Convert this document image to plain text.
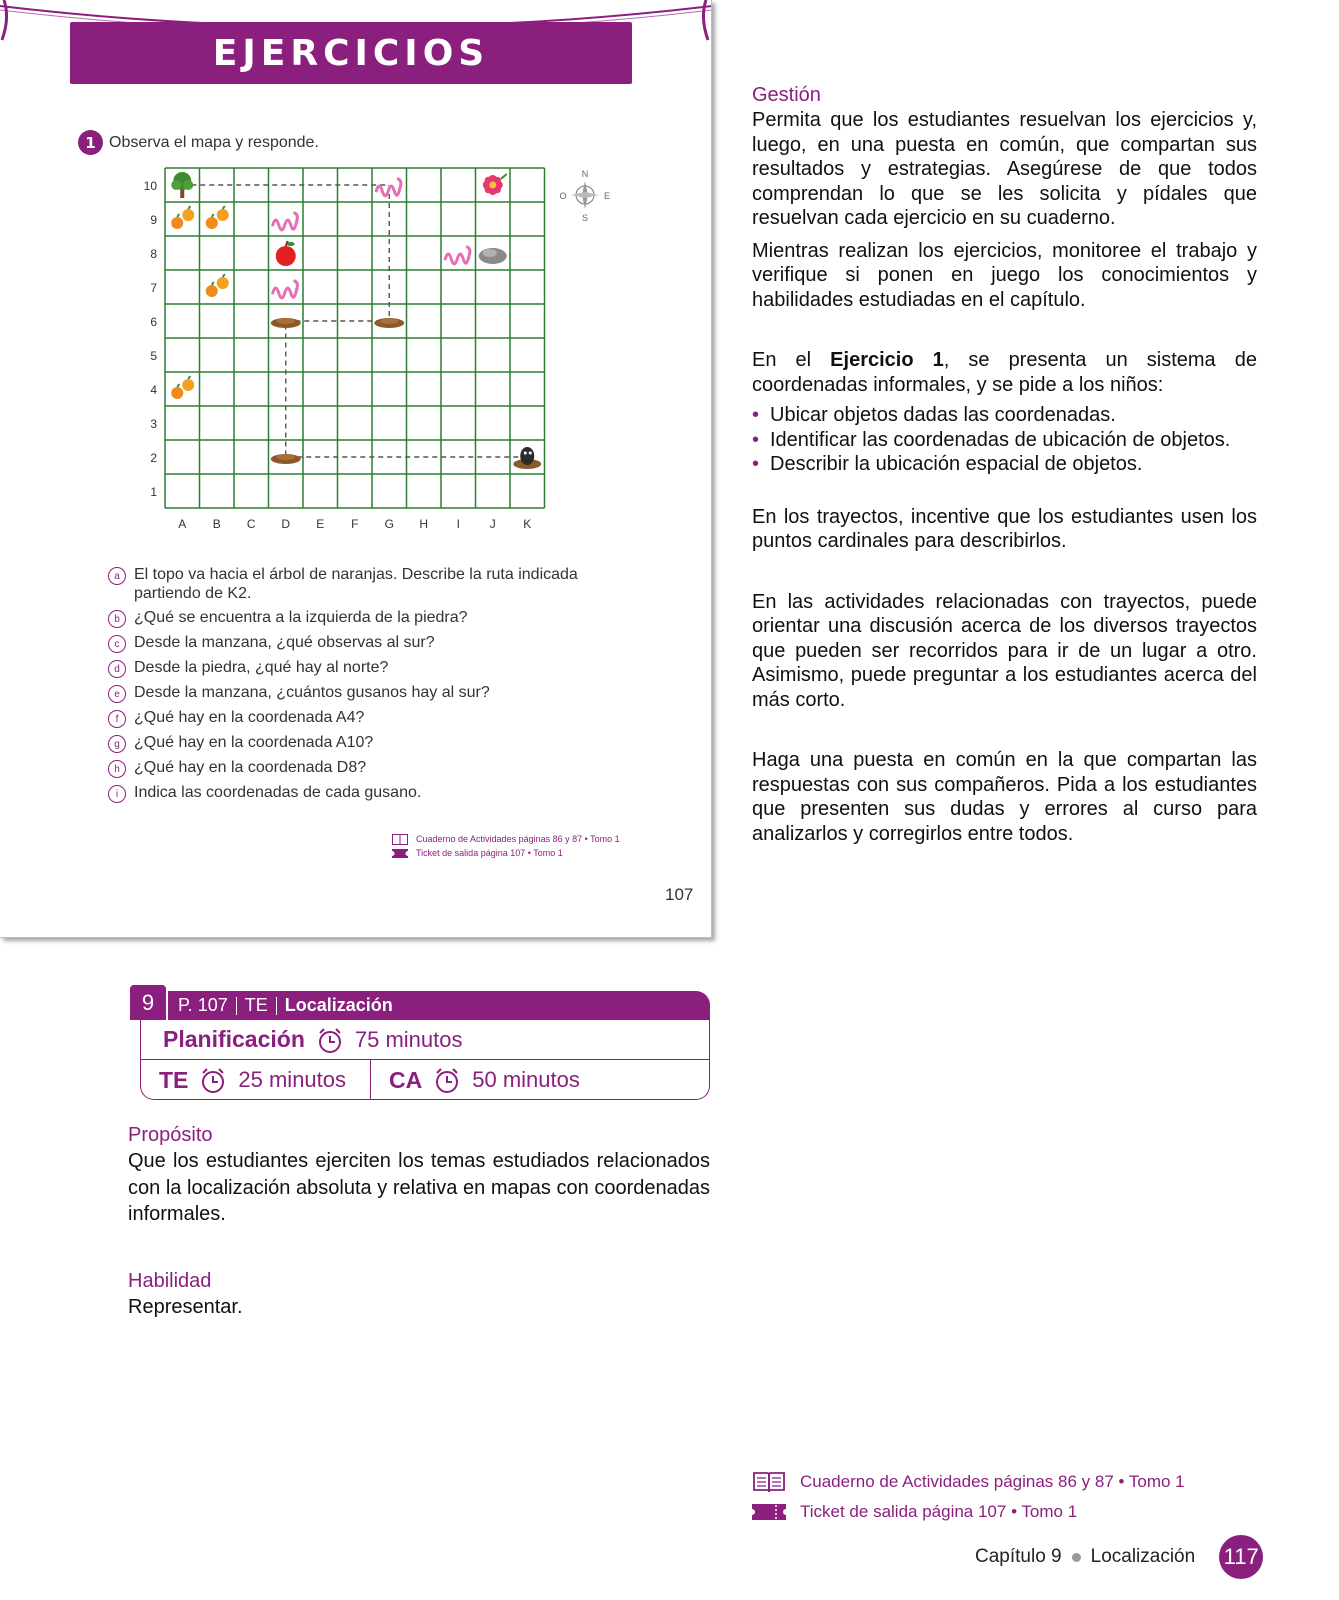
EJERCICIOS
1 Observa el mapa y responde.
10
9
8
7
6
5
4
3
2
1
A B C D E F G H I J K
N
S
E
O
a El topo va hacia el árbol de naranjas. Describe la ruta indicada
partiendo de K2.
b ¿Qué se encuentra a la izquierda de la piedra?
c Desde la manzana, ¿qué observas al sur?
d Desde la piedra, ¿qué hay al norte?
e Desde la manzana, ¿cuántos gusanos hay al sur?
f ¿Qué hay en la coordenada A4?
g ¿Qué hay en la coordenada A10?
h ¿Qué hay en la coordenada D8?
i Indica las coordenadas de cada gusano.
Cuaderno de Actividades páginas 86 y 87 • Tomo 1
Ticket de salida página 107 • Tomo 1
107
Gestión

Permita que los estudiantes resuelvan los ejercicios y, luego, en una puesta en común, que compartan sus resultados y estrategias. Asegúrese de que todos comprendan lo que se les solicita y pídales que resuelvan cada ejercicio en su cuaderno.

Mientras realizan los ejercicios, monitoree el trabajo y verifique si ponen en juego los conocimientos y habilidades estudiadas en el capítulo.

En el Ejercicio 1, se presenta un sistema de coordenadas informales, y se pide a los niños:

• Ubicar objetos dadas las coordenadas.
• Identificar las coordenadas de ubicación de objetos.
• Describir la ubicación espacial de objetos.

En los trayectos, incentive que los estudiantes usen los puntos cardinales para describirlos.

En las actividades relacionadas con trayectos, puede orientar una discusión acerca de los diversos trayectos que pueden ser recorridos para ir de un lugar a otro. Asimismo, puede preguntar a los estudiantes acerca del más corto.

Haga una puesta en común en la que compartan las respuestas con sus compañeros. Pida a los estudiantes que presenten sus dudas y errores al curso para analizarlos y corregirlos entre todos.

9	P. 107 TE Localización
Planificación 75 minutos
TE 25 minutos CA 50 minutos
Propósito

Que los estudiantes ejerciten los temas estudiados relacionados con la localización absoluta y relativa en mapas con coordenadas informales.

Habilidad

Representar.

Cuaderno de Actividades páginas 86 y 87 • Tomo 1
Ticket de salida página 107 • Tomo 1
Capítulo 9 Localización 117
